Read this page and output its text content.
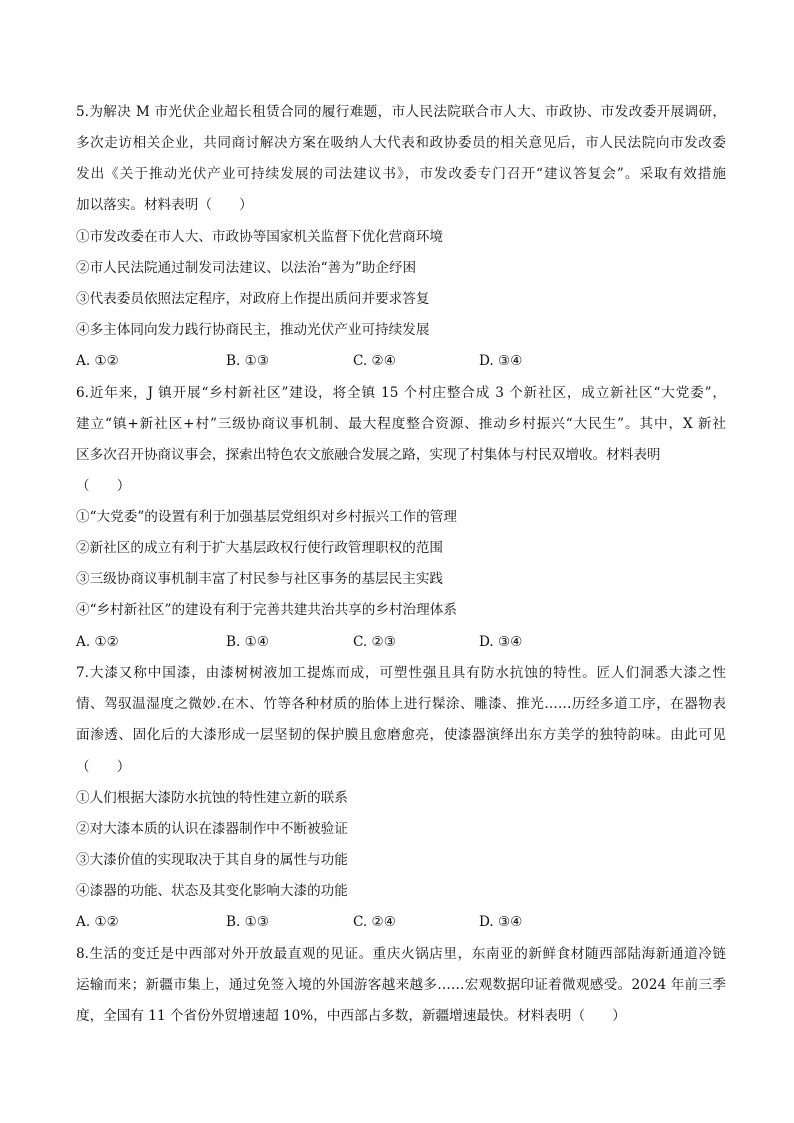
5.为解决 M 市光伏企业超长租赁合同的履行难题，市人民法院联合市人大、市政协、市发改委开展调研，
多次走访相关企业，共同商讨解决方案在吸纳人大代表和政协委员的相关意见后，市人民法院向市发改委
发出《关于推动光伏产业可持续发展的司法建议书》，市发改委专门召开“建议答复会”。采取有效措施
加以落实。材料表明（　　）
①市发改委在市人大、市政协等国家机关监督下优化营商环境
②市人民法院通过制发司法建议、以法治“善为”助企纾困
③代表委员依照法定程序，对政府上作提出质问并要求答复
④多主体同向发力践行协商民主，推动光伏产业可持续发展
A. ①②	B. ①③	C. ②④	D. ③④
6.近年来，J 镇开展“乡村新社区”建设，将全镇 15 个村庄整合成 3 个新社区，成立新社区“大党委”，
建立“镇+新社区+村”三级协商议事机制、最大程度整合资源、推动乡村振兴“大民生”。其中，X 新社
区多次召开协商议事会，探索出特色农文旅融合发展之路，实现了村集体与村民双增收。材料表明
（　　）
①“大党委”的设置有利于加强基层党组织对乡村振兴工作的管理
②新社区的成立有利于扩大基层政权行使行政管理职权的范围
③三级协商议事机制丰富了村民参与社区事务的基层民主实践
④“乡村新社区”的建设有利于完善共建共治共享的乡村治理体系
A. ①②	B. ①④	C. ②③	D. ③④
7.大漆又称中国漆，由漆树树液加工提炼而成，可塑性强且具有防水抗蚀的特性。匠人们洞悉大漆之性
情、驾驭温湿度之微妙.在木、竹等各种材质的胎体上进行髹涂、雕漆、推光……历经多道工序，在器物表
面渗透、固化后的大漆形成一层坚韧的保护膜且愈磨愈亮，使漆器演绎出东方美学的独特韵味。由此可见
（　　）
①人们根据大漆防水抗蚀的特性建立新的联系
②对大漆本质的认识在漆器制作中不断被验证
③大漆价值的实现取决于其自身的属性与功能
④漆器的功能、状态及其变化影响大漆的功能
A. ①②	B. ①③	C. ②④	D. ③④
8.生活的变迁是中西部对外开放最直观的见证。重庆火锅店里，东南亚的新鲜食材随西部陆海新通道冷链
运输而来；新疆市集上，通过免签入境的外国游客越来越多……宏观数据印证着微观感受。2024 年前三季
度，全国有 11 个省份外贸增速超 10%，中西部占多数，新疆增速最快。材料表明（　　）
